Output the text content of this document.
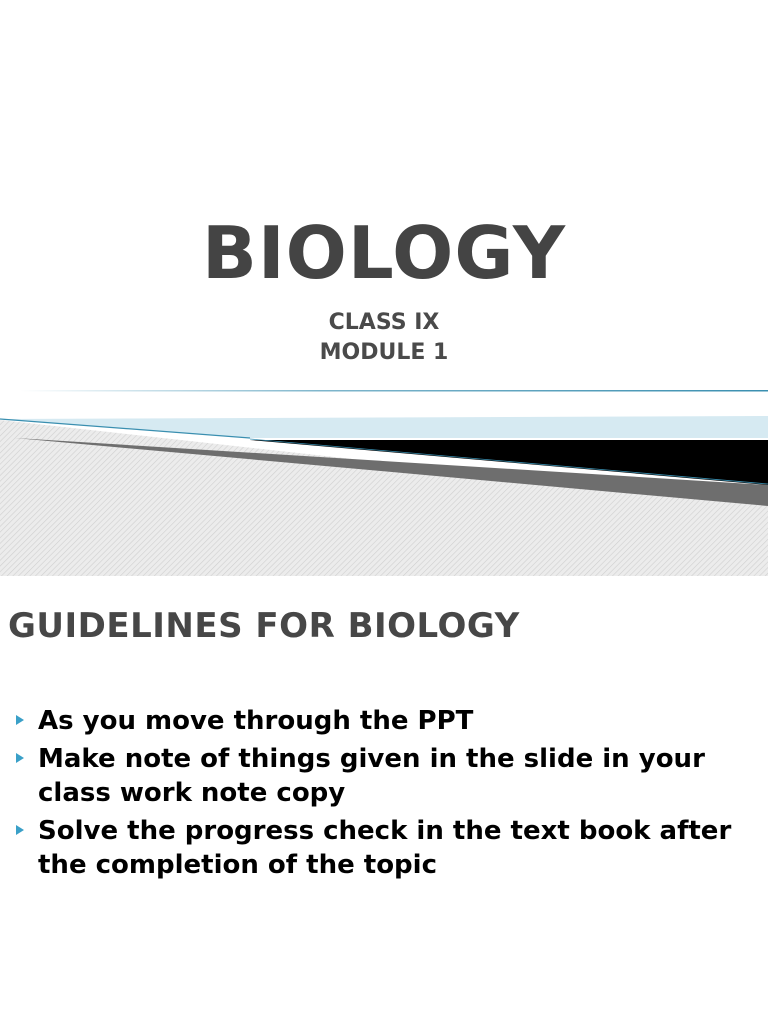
BIOLOGY
CLASS IX
MODULE 1
GUIDELINES FOR BIOLOGY
As you move through the PPT
Make note of things given in the slide in your class work note copy
Solve the progress check in the text book after the completion of the topic
